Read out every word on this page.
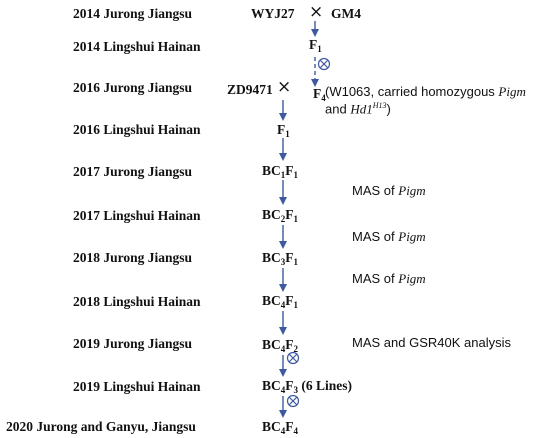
2014 Jurong Jiangsu
2014 Lingshui Hainan
2016 Jurong Jiangsu
2016 Lingshui Hainan
2017 Jurong Jiangsu
2017 Lingshui Hainan
2018 Jurong Jiangsu
2018 Lingshui Hainan
2019 Jurong Jiangsu
2019 Lingshui Hainan
2020 Jurong and Ganyu, Jiangsu
WYJ27 × GM4
ZD9471 ×
$F_1$
$F_4$ (W1063, carried homozygous Pigm
and $Hd1^{H13}$)
$F_1$
$BC_1F_1$
$BC_2F_1$
$BC_3F_1$
$BC_4F_1$
$BC_4F_2$
$BC_4F_3$ (6 Lines)
$BC_4F_4$
MAS of Pigm
MAS of Pigm
MAS of Pigm
MAS and GSR40K analysis
